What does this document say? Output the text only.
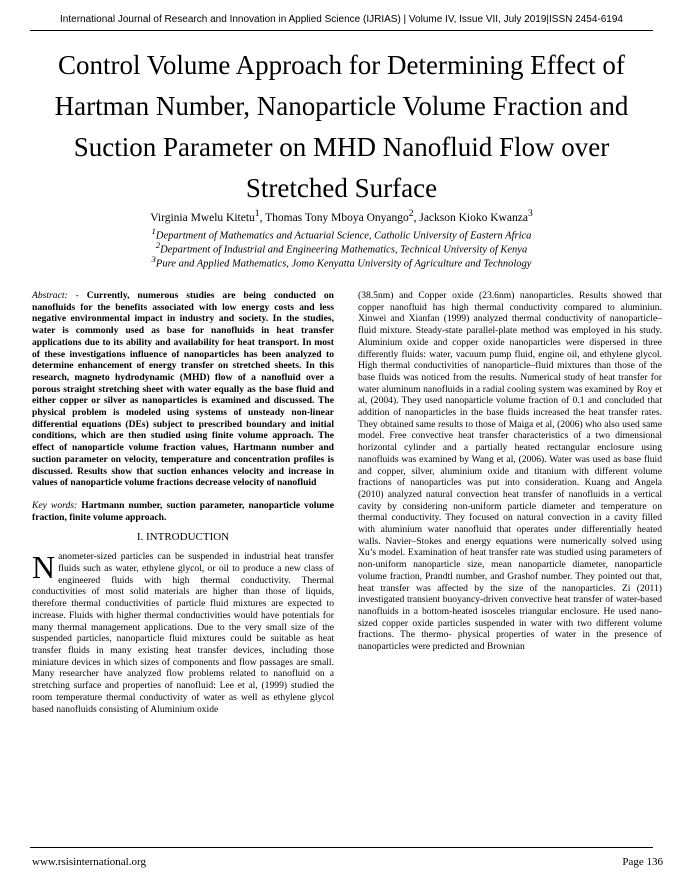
International Journal of Research and Innovation in Applied Science (IJRIAS) | Volume IV, Issue VII, July 2019|ISSN 2454-6194
Control Volume Approach for Determining Effect of Hartman Number, Nanoparticle Volume Fraction and Suction Parameter on MHD Nanofluid Flow over Stretched Surface
Virginia Mwelu Kitetu$^1$, Thomas Tony Mboya Onyango$^2$, Jackson Kioko Kwanza$^3$
$^1$Department of Mathematics and Actuarial Science, Catholic University of Eastern Africa
$^2$Department of Industrial and Engineering Mathematics, Technical University of Kenya
$^3$Pure and Applied Mathematics, Jomo Kenyatta University of Agriculture and Technology

Abstract: - Currently, numerous studies are being conducted on nanofluids for the benefits associated with low energy costs and less negative environmental impact in industry and society. In the studies, water is commonly used as base for nanofluids in heat transfer applications due to its ability and availability for heat transport. In most of these investigations influence of nanoparticles has been analyzed to determine enhancement of energy transfer on stretched sheets. In this research, magneto hydrodynamic (MHD) flow of a nanofluid over a porous straight stretching sheet with water equally as the base fluid and either copper or silver as nanoparticles is examined and discussed. The physical problem is modeled using systems of unsteady non-linear differential equations (DEs) subject to prescribed boundary and initial conditions, which are then studied using finite volume approach. The effect of nanoparticle volume fraction values, Hartmann number and suction parameter on velocity, temperature and concentration profiles is discussed. Results show that suction enhances velocity and increase in values of nanoparticle volume fractions decrease velocity of nanofluid

Key words: Hartmann number, suction parameter, nanoparticle volume fraction, finite volume approach.

I. INTRODUCTION

Nanometer-sized particles can be suspended in industrial heat transfer fluids such as water, ethylene glycol, or oil to produce a new class of engineered fluids with high thermal conductivity. Thermal conductivities of most solid materials are higher than those of liquids, therefore thermal conductivities of particle fluid mixtures are expected to increase. Fluids with higher thermal conductivities would have potentials for many thermal management applications. Due to the very small size of the suspended particles, nanoparticle fluid mixtures could be suitable as heat transfer fluids in many existing heat transfer devices, including those miniature devices in which sizes of components and flow passages are small. Many researcher have analyzed flow problems related to nanofluid on a stretching surface and properties of nanofluid: Lee et al, (1999) studied the room temperature thermal conductivity of water as well as ethylene glycol based nanofluids consisting of Aluminium oxide

(38.5nm) and Copper oxide (23.6nm) nanoparticles. Results showed that copper nanofluid has high thermal conductivity compared to aluminiun. Xinwei and Xianfan (1999) analyzed thermal conductivity of nanoparticle–fluid mixture. Steady-state parallel-plate method was employed in his study. Aluminium oxide and copper oxide nanoparticles were dispersed in three differently fluids: water, vacuum pump fluid, engine oil, and ethylene glycol. High thermal conductivities of nanoparticle–fluid mixtures than those of the base fluids was noticed from the results. Numerical study of heat transfer for water aluminum nanofluids in a radial cooling system was examined by Roy et al, (2004). They used nanoparticle volume fraction of 0.1 and concluded that addition of nanoparticles in the base fluids increased the heat transfer rates. They obtained same results to those of Maiga et al, (2006) who also used same model. Free convective heat transfer characteristics of a two dimensional horizontal cylinder and a partially heated rectangular enclosure using nanofluids was examined by Wang et al, (2006). Water was used as base fluid and copper, silver, aluminium oxide and titanium with different volume fractions of nanoparticles was put into consideration. Kuang and Angela (2010) analyzed natural convection heat transfer of nanofluids in a vertical cavity by considering non-uniform particle diameter and temperature on thermal conductivity. They focused on natural convection in a cavity filled with aluminium water nanofluid that operates under differentially heated walls. Navier–Stokes and energy equations were numerically solved using Xu’s model. Examination of heat transfer rate was studied using parameters of non-uniform nanoparticle size, mean nanoparticle diameter, nanoparticle volume fraction, Prandtl number, and Grashof number. They pointed out that, heat transfer was affected by the size of the nanoparticles. Zi (2011) investigated transient buoyancy-driven convective heat transfer of water-based nanofluids in a bottom-heated isosceles triangular enclosure. He used nano-sized copper oxide particles suspended in water with two different volume fractions. The thermo- physical properties of water in the presence of nanoparticles were predicted and Brownian

www.rsisinternational.org	Page 136
